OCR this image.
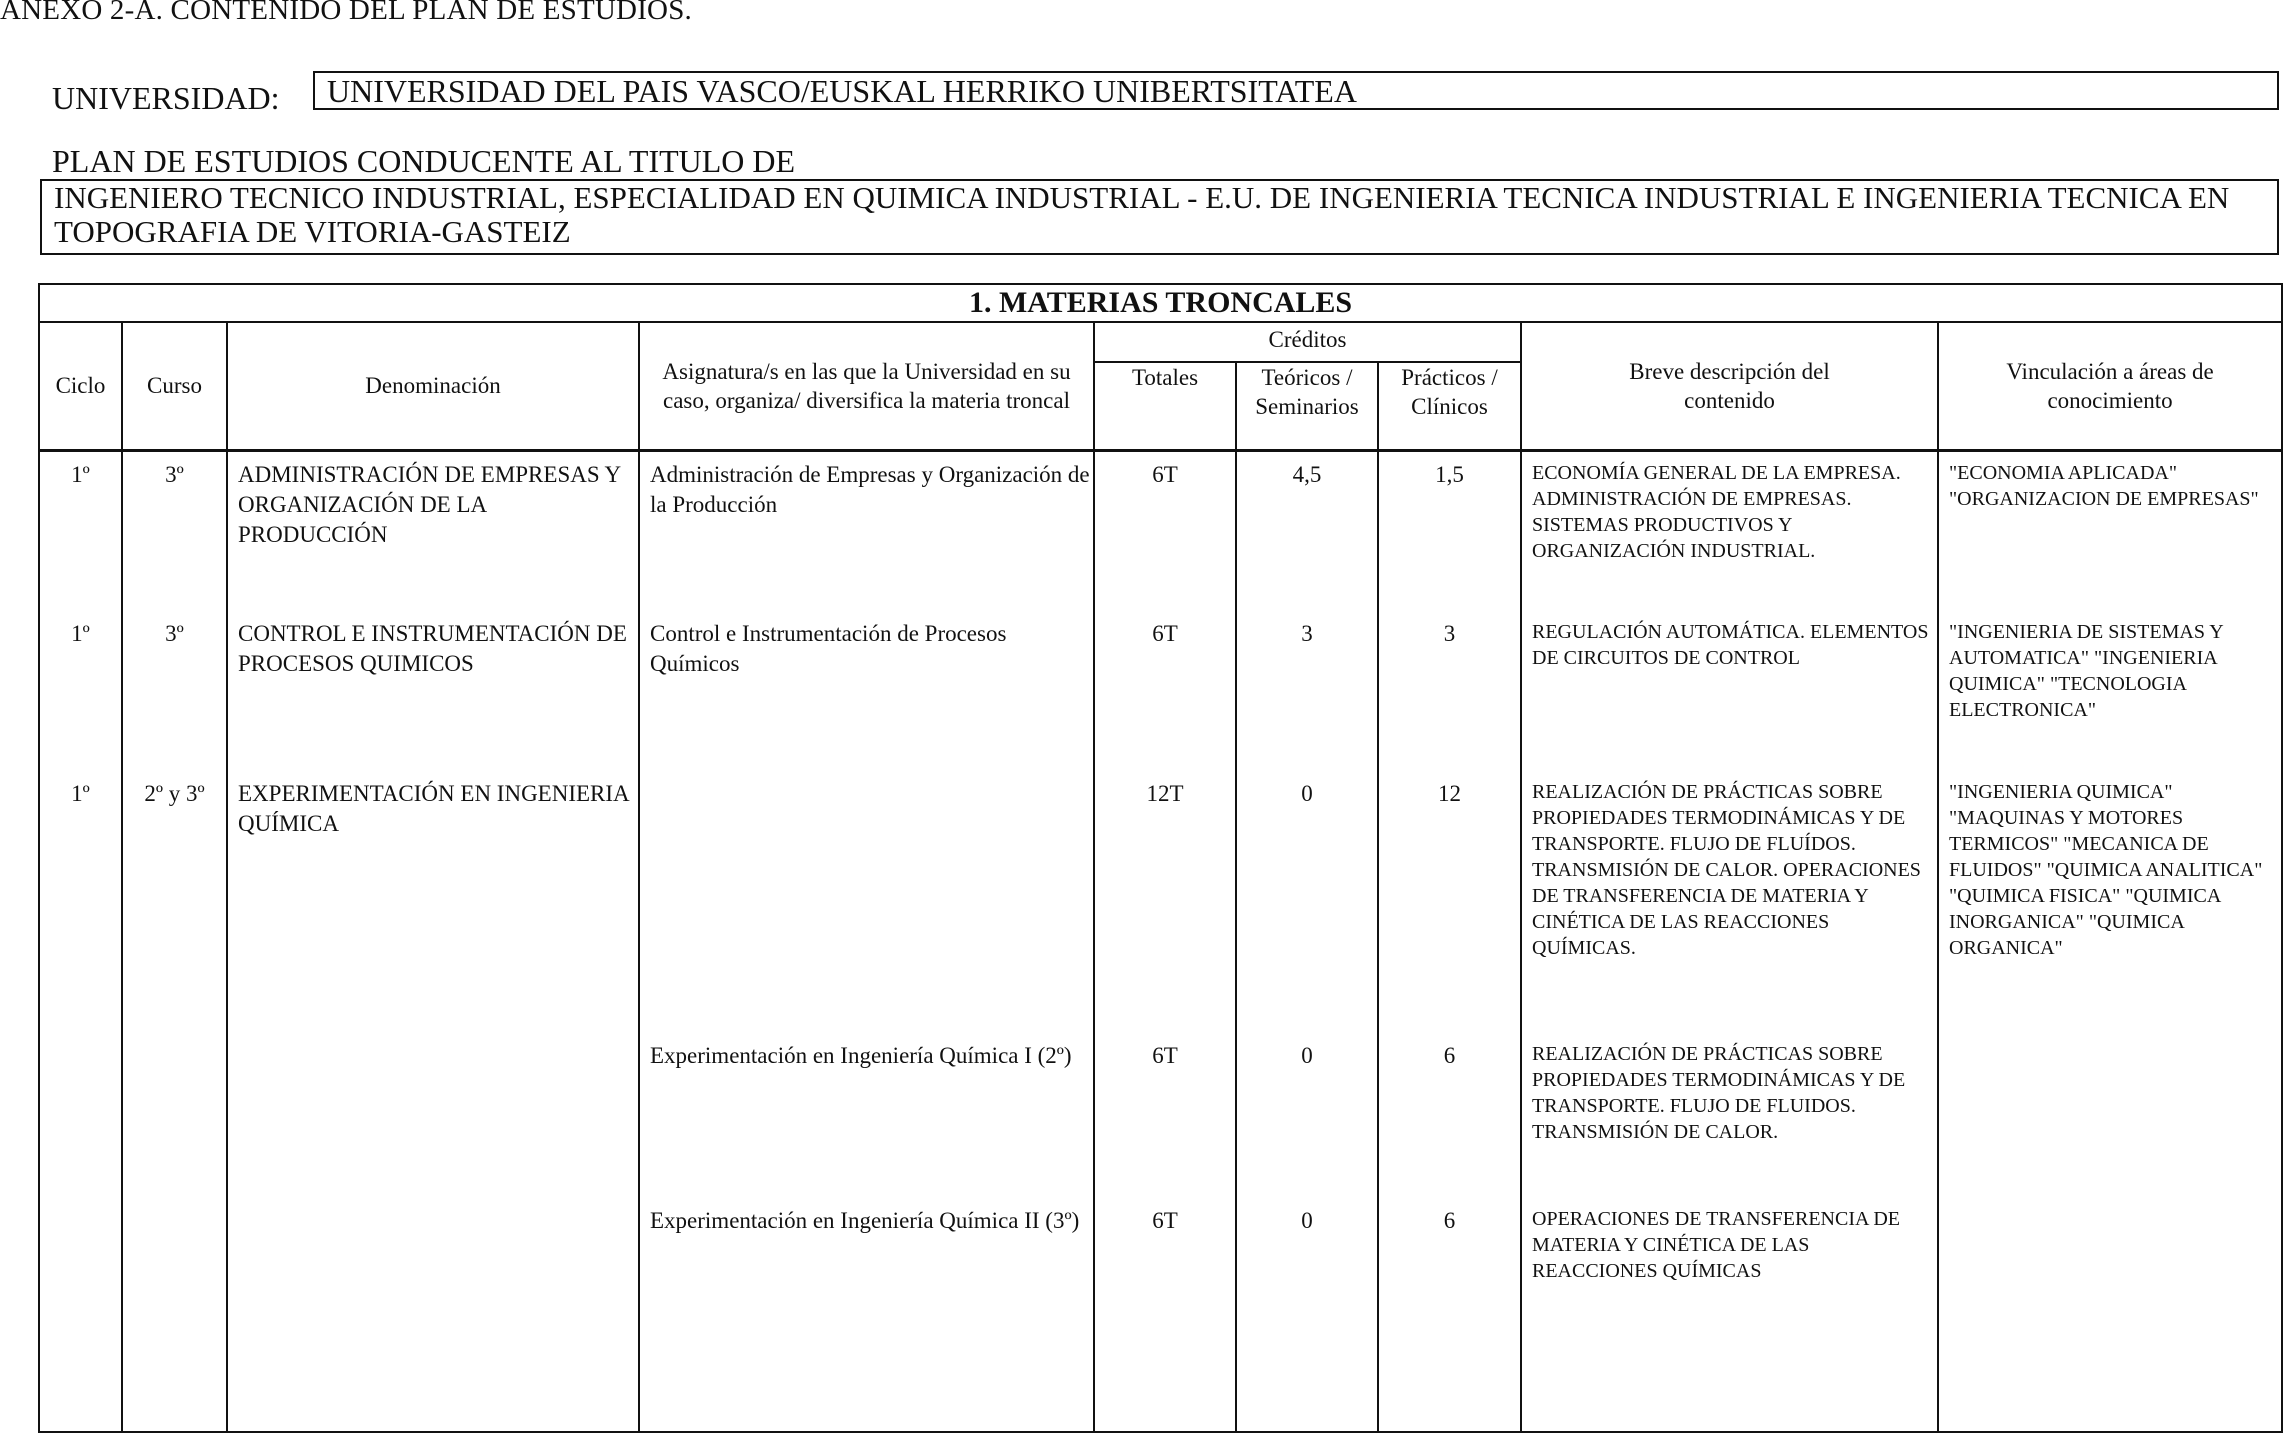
ANEXO 2-A. CONTENIDO DEL PLAN DE ESTUDIOS.
UNIVERSIDAD:	UNIVERSIDAD DEL PAIS VASCO/EUSKAL HERRIKO UNIBERTSITATEA
PLAN DE ESTUDIOS CONDUCENTE AL TITULO DE
INGENIERO TECNICO INDUSTRIAL, ESPECIALIDAD EN QUIMICA INDUSTRIAL - E.U. DE INGENIERIA TECNICA INDUSTRIAL E INGENIERIA TECNICA EN TOPOGRAFIA DE VITORIA-GASTEIZ
1. MATERIAS TRONCALES								
Ciclo	Curso	Denominación	Asignatura/s en las que la Universidad en su caso, organiza/ diversifica la materia troncal	Créditos			Breve descripción del contenido	Vinculación a áreas de conocimiento
				Totales	Teóricos / Seminarios	Prácticos / Clínicos		
1º	3º	ADMINISTRACIÓN DE EMPRESAS Y ORGANIZACIÓN DE LA PRODUCCIÓN	Administración de Empresas y Organización de la Producción	6T	4,5	1,5	ECONOMÍA GENERAL DE LA EMPRESA. ADMINISTRACIÓN DE EMPRESAS. SISTEMAS PRODUCTIVOS Y ORGANIZACIÓN INDUSTRIAL.	"ECONOMIA APLICADA" "ORGANIZACION DE EMPRESAS"
1º	3º	CONTROL E INSTRUMENTACIÓN DE PROCESOS QUIMICOS	Control e Instrumentación de Procesos Químicos	6T	3	3	REGULACIÓN AUTOMÁTICA. ELEMENTOS DE CIRCUITOS DE CONTROL	"INGENIERIA DE SISTEMAS Y AUTOMATICA" "INGENIERIA QUIMICA" "TECNOLOGIA ELECTRONICA"
1º	2º y 3º	EXPERIMENTACIÓN EN INGENIERIA QUÍMICA		12T	0	12	REALIZACIÓN DE PRÁCTICAS SOBRE PROPIEDADES TERMODINÁMICAS Y DE TRANSPORTE. FLUJO DE FLUÍDOS. TRANSMISIÓN DE CALOR. OPERACIONES DE TRANSFERENCIA DE MATERIA Y CINÉTICA DE LAS REACCIONES QUÍMICAS.	"INGENIERIA QUIMICA" "MAQUINAS Y MOTORES TERMICOS" "MECANICA DE FLUIDOS" "QUIMICA ANALITICA" "QUIMICA FISICA" "QUIMICA INORGANICA" "QUIMICA ORGANICA"
			Experimentación en Ingeniería Química I (2º)	6T	0	6	REALIZACIÓN DE PRÁCTICAS SOBRE PROPIEDADES TERMODINÁMICAS Y DE TRANSPORTE. FLUJO DE FLUIDOS. TRANSMISIÓN DE CALOR.	
			Experimentación en Ingeniería Química II (3º)	6T	0	6	OPERACIONES DE TRANSFERENCIA DE MATERIA Y CINÉTICA DE LAS REACCIONES QUÍMICAS	
